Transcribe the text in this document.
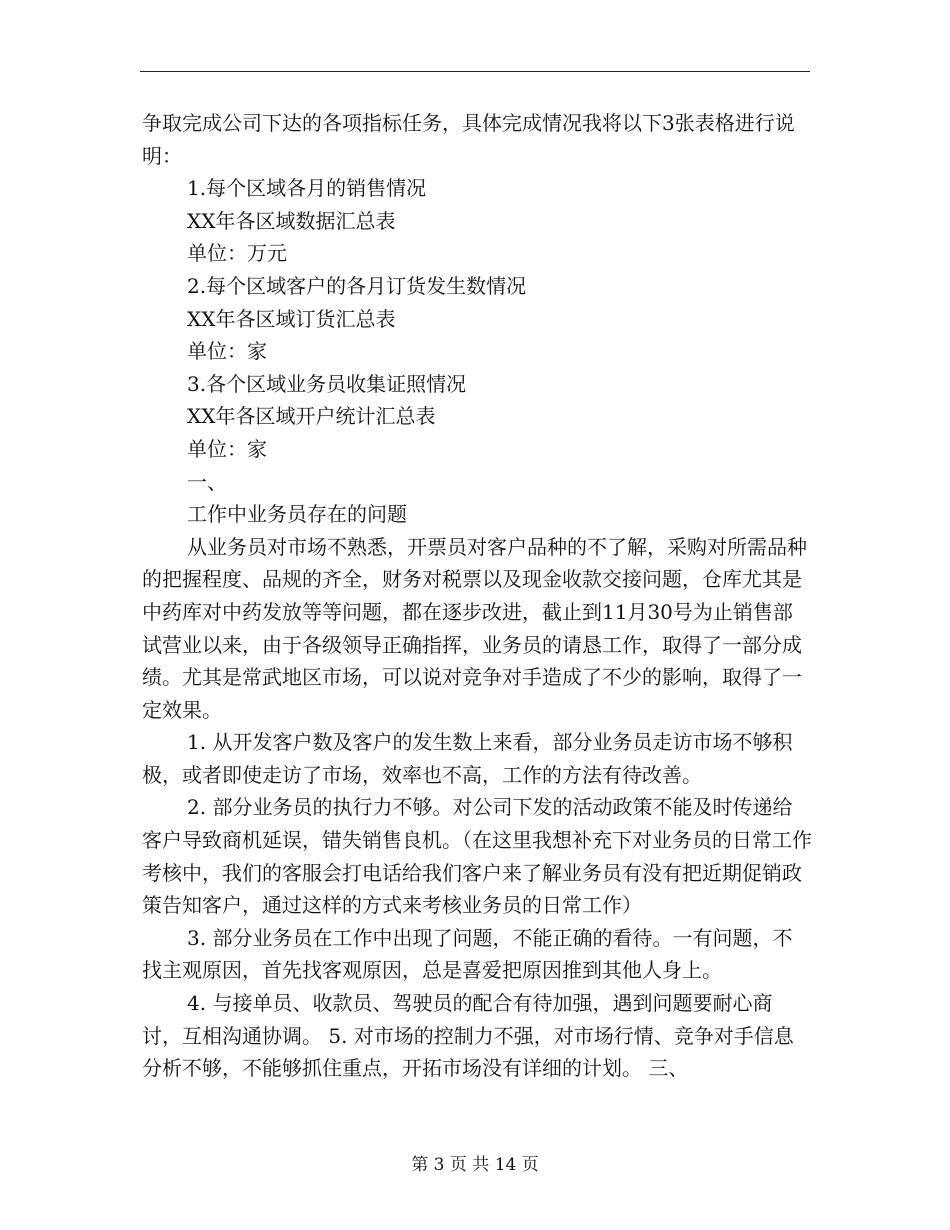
争取完成公司下达的各项指标任务，具体完成情况我将以下3张表格进行说明：

1.每个区域各月的销售情况

XX年各区域数据汇总表

单位：万元

2.每个区域客户的各月订货发生数情况

XX年各区域订货汇总表

单位：家

3.各个区域业务员收集证照情况

XX年各区域开户统计汇总表

单位：家

一、

工作中业务员存在的问题

从业务员对市场不熟悉，开票员对客户品种的不了解，采购对所需品种的把握程度、品规的齐全，财务对税票以及现金收款交接问题，仓库尤其是中药库对中药发放等等问题，都在逐步改进，截止到11月30号为止销售部试营业以来，由于各级领导正确指挥，业务员的请恳工作，取得了一部分成绩。尤其是常武地区市场，可以说对竞争对手造成了不少的影响，取得了一定效果。

1. 从开发客户数及客户的发生数上来看，部分业务员走访市场不够积极，或者即使走访了市场，效率也不高，工作的方法有待改善。

2. 部分业务员的执行力不够。对公司下发的活动政策不能及时传递给客户导致商机延误，错失销售良机。（在这里我想补充下对业务员的日常工作考核中，我们的客服会打电话给我们客户来了解业务员有没有把近期促销政策告知客户，通过这样的方式来考核业务员的日常工作）

3. 部分业务员在工作中出现了问题，不能正确的看待。一有问题，不找主观原因，首先找客观原因，总是喜爱把原因推到其他人身上。

4. 与接单员、收款员、驾驶员的配合有待加强，遇到问题要耐心商讨，互相沟通协调。 5. 对市场的控制力不强，对市场行情、竞争对手信息分析不够，不能够抓住重点，开拓市场没有详细的计划。 三、

第 3 页 共 14 页
